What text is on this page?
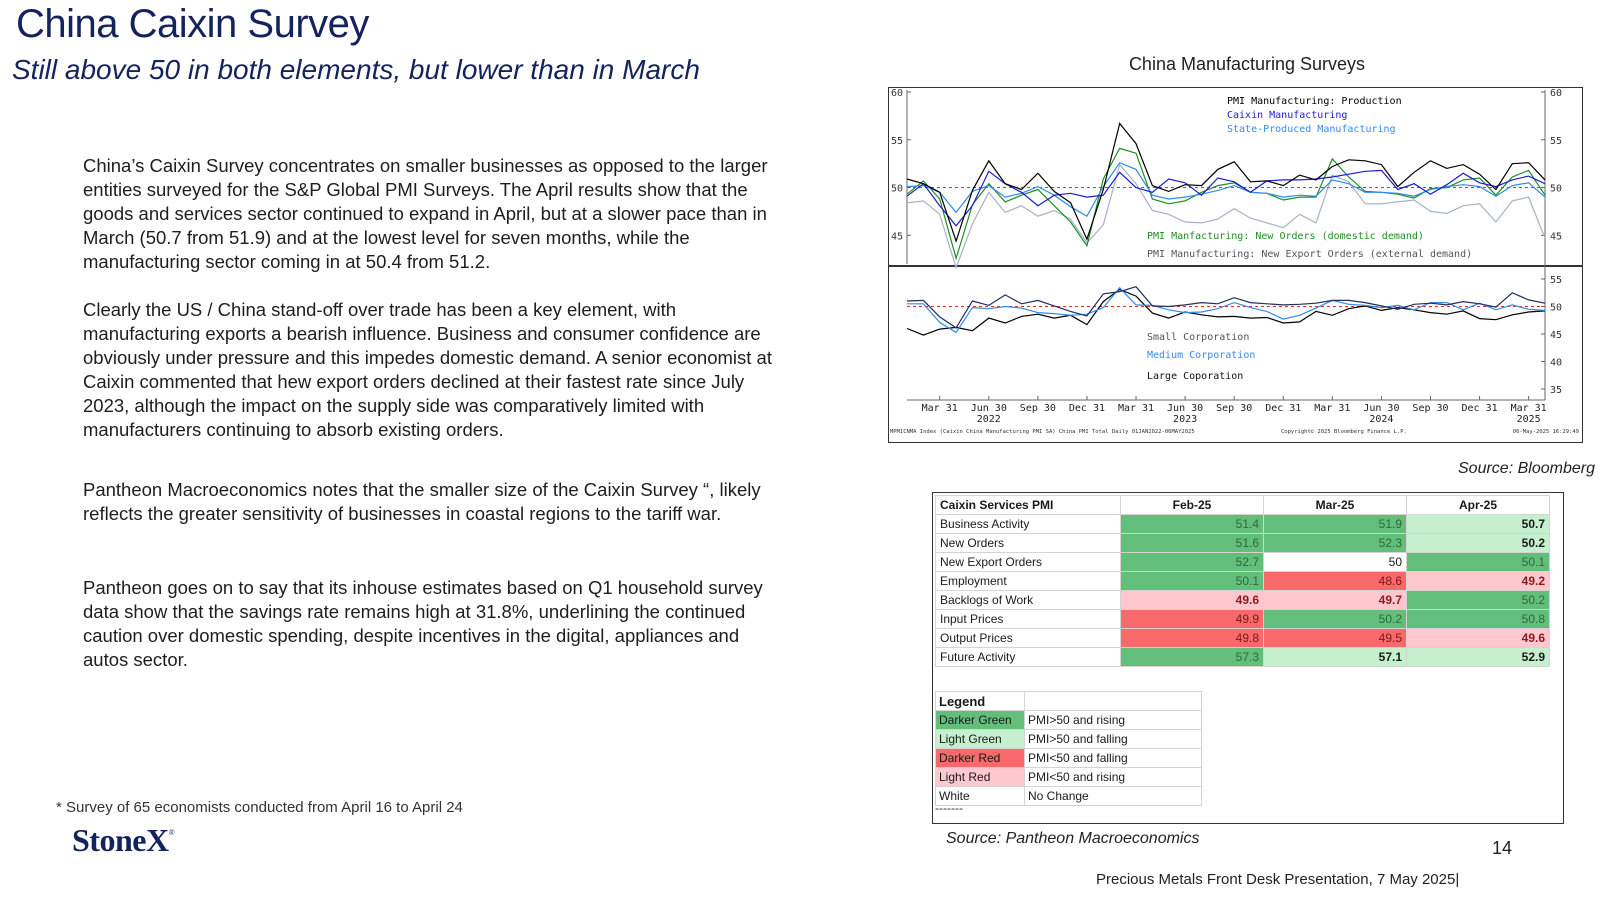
China Caixin Survey
Still above 50 in both elements, but lower than in March
China’s Caixin Survey concentrates on smaller businesses as opposed to the larger entities surveyed for the S&P Global PMI Surveys. The April results show that the goods and services sector continued to expand in April, but at a slower pace than in March (50.7 from 51.9) and at the lowest level for seven months, while the manufacturing sector coming in at 50.4 from 51.2.
Clearly the US / China stand-off over trade has been a key element, with manufacturing exports a bearish influence. Business and consumer confidence are obviously under pressure and this impedes domestic demand. A senior economist at Caixin commented that hew export orders declined at their fastest rate since July 2023, although the impact on the supply side was comparatively limited with manufacturers continuing to absorb existing orders.
Pantheon Macroeconomics notes that the smaller size of the Caixin Survey “, likely reflects the greater sensitivity of businesses in coastal regions to the tariff war.
Pantheon goes on to say that its inhouse estimates based on Q1 household survey data show that the savings rate remains high at 31.8%, underlining the continued caution over domestic spending, despite incentives in the digital, appliances and autos sector.
* Survey of 65 economists conducted from April 16 to April 24
StoneX®
14
Precious Metals Front Desk Presentation, 7 May 2025|
China Manufacturing Surveys
45	45
50	50
55	55
60	60
35
40
45
50
55
PMI Manufacturing: Production
Caixin Manufacturing
State-Produced Manufacturing
PMI Manfacturing: New Orders (domestic demand)
PMI Manufacturing: New Export Orders (external demand)
Small Corporation
Medium Corporation
Large Coporation
Mar 31 Jun 30 Sep 30 Dec 31 Mar 31 Jun 30 Sep 30 Dec 31 Mar 31 Jun 30 Sep 30 Dec 31 Mar 31
2022	2023	2024	2025
MPMICNMA Index (Caixin China Manufacturing PMI SA) China PMI Total Daily 01JAN2022-06MAY2025	Copyright© 2025 Bloomberg Finance L.P.	06-May-2025 16:29:49
Source: Bloomberg
Caixin Services PMI	Feb-25	Mar-25	Apr-25
Business Activity	51.4	51.9	50.7
New Orders	51.6	52.3	50.2
New Export Orders	52.7	50	50.1
Employment	50.1	48.6	49.2
Backlogs of Work	49.6	49.7	50.2
Input Prices	49.9	50.2	50.8
Output Prices	49.8	49.5	49.6
Future Activity	57.3	57.1	52.9
Legend	
Darker Green	PMI>50 and rising
Light Green	PMI>50 and falling
Darker Red	PMI<50 and falling
Light Red	PMI<50 and rising
White	No Change
-------
Source: Pantheon Macroeconomics
